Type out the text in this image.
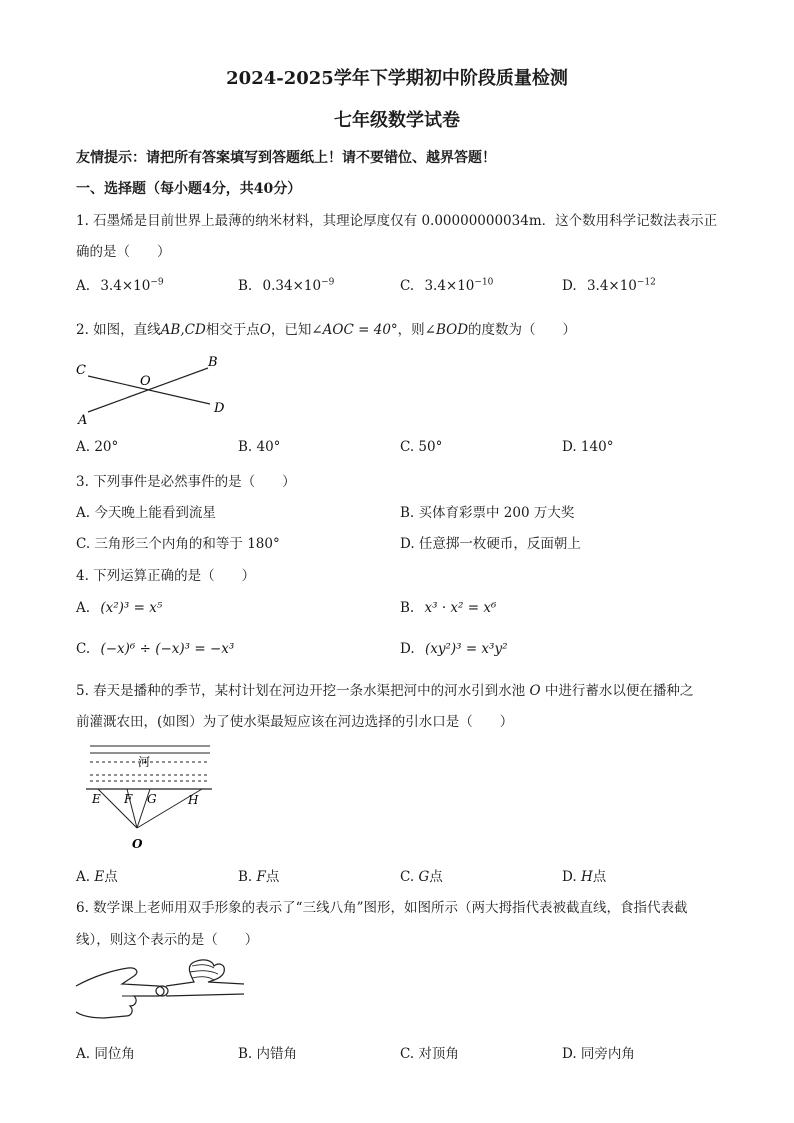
2024-2025学年下学期初中阶段质量检测
七年级数学试卷
友情提示：请把所有答案填写到答题纸上！请不要错位、越界答题！
一、选择题（每小题4分，共40分）
1. 石墨烯是目前世界上最薄的纳米材料，其理论厚度仅有 0.00000000034m．这个数用科学记数法表示正
确的是（　　）
A. $3.4\times 10^{-9}$	B. $0.34\times 10^{-9}$	C. $3.4\times 10^{-10}$	D. $3.4\times 10^{-12}$
2. 如图，直线AB,CD相交于点O，已知∠AOC = 40°，则∠BOD的度数为（　　）
C
O
B
A
D
A. 20°	B. 40°	C. 50°	D. 140°
3. 下列事件是必然事件的是（　　）
A. 今天晚上能看到流星	B. 买体育彩票中 200 万大奖
C. 三角形三个内角的和等于 180°	D. 任意掷一枚硬币，反面朝上
4. 下列运算正确的是（　　）
A. (x²)³ = x⁵	B. x³ · x² = x⁶
C. (−x)⁶ ÷ (−x)³ = −x³	D. (xy²)³ = x³y²
5. 春天是播种的季节，某村计划在河边开挖一条水渠把河中的河水引到水池 O 中进行蓄水以便在播种之
前灌溉农田，(如图）为了使水渠最短应该在河边选择的引水口是（　　）
河
E F G	H
O
A. E点	B. F点	C. G点	D. H点
6. 数学课上老师用双手形象的表示了“三线八角”图形，如图所示（两大拇指代表被截直线，食指代表截
线），则这个表示的是（　　）
A. 同位角	B. 内错角	C. 对顶角	D. 同旁内角
